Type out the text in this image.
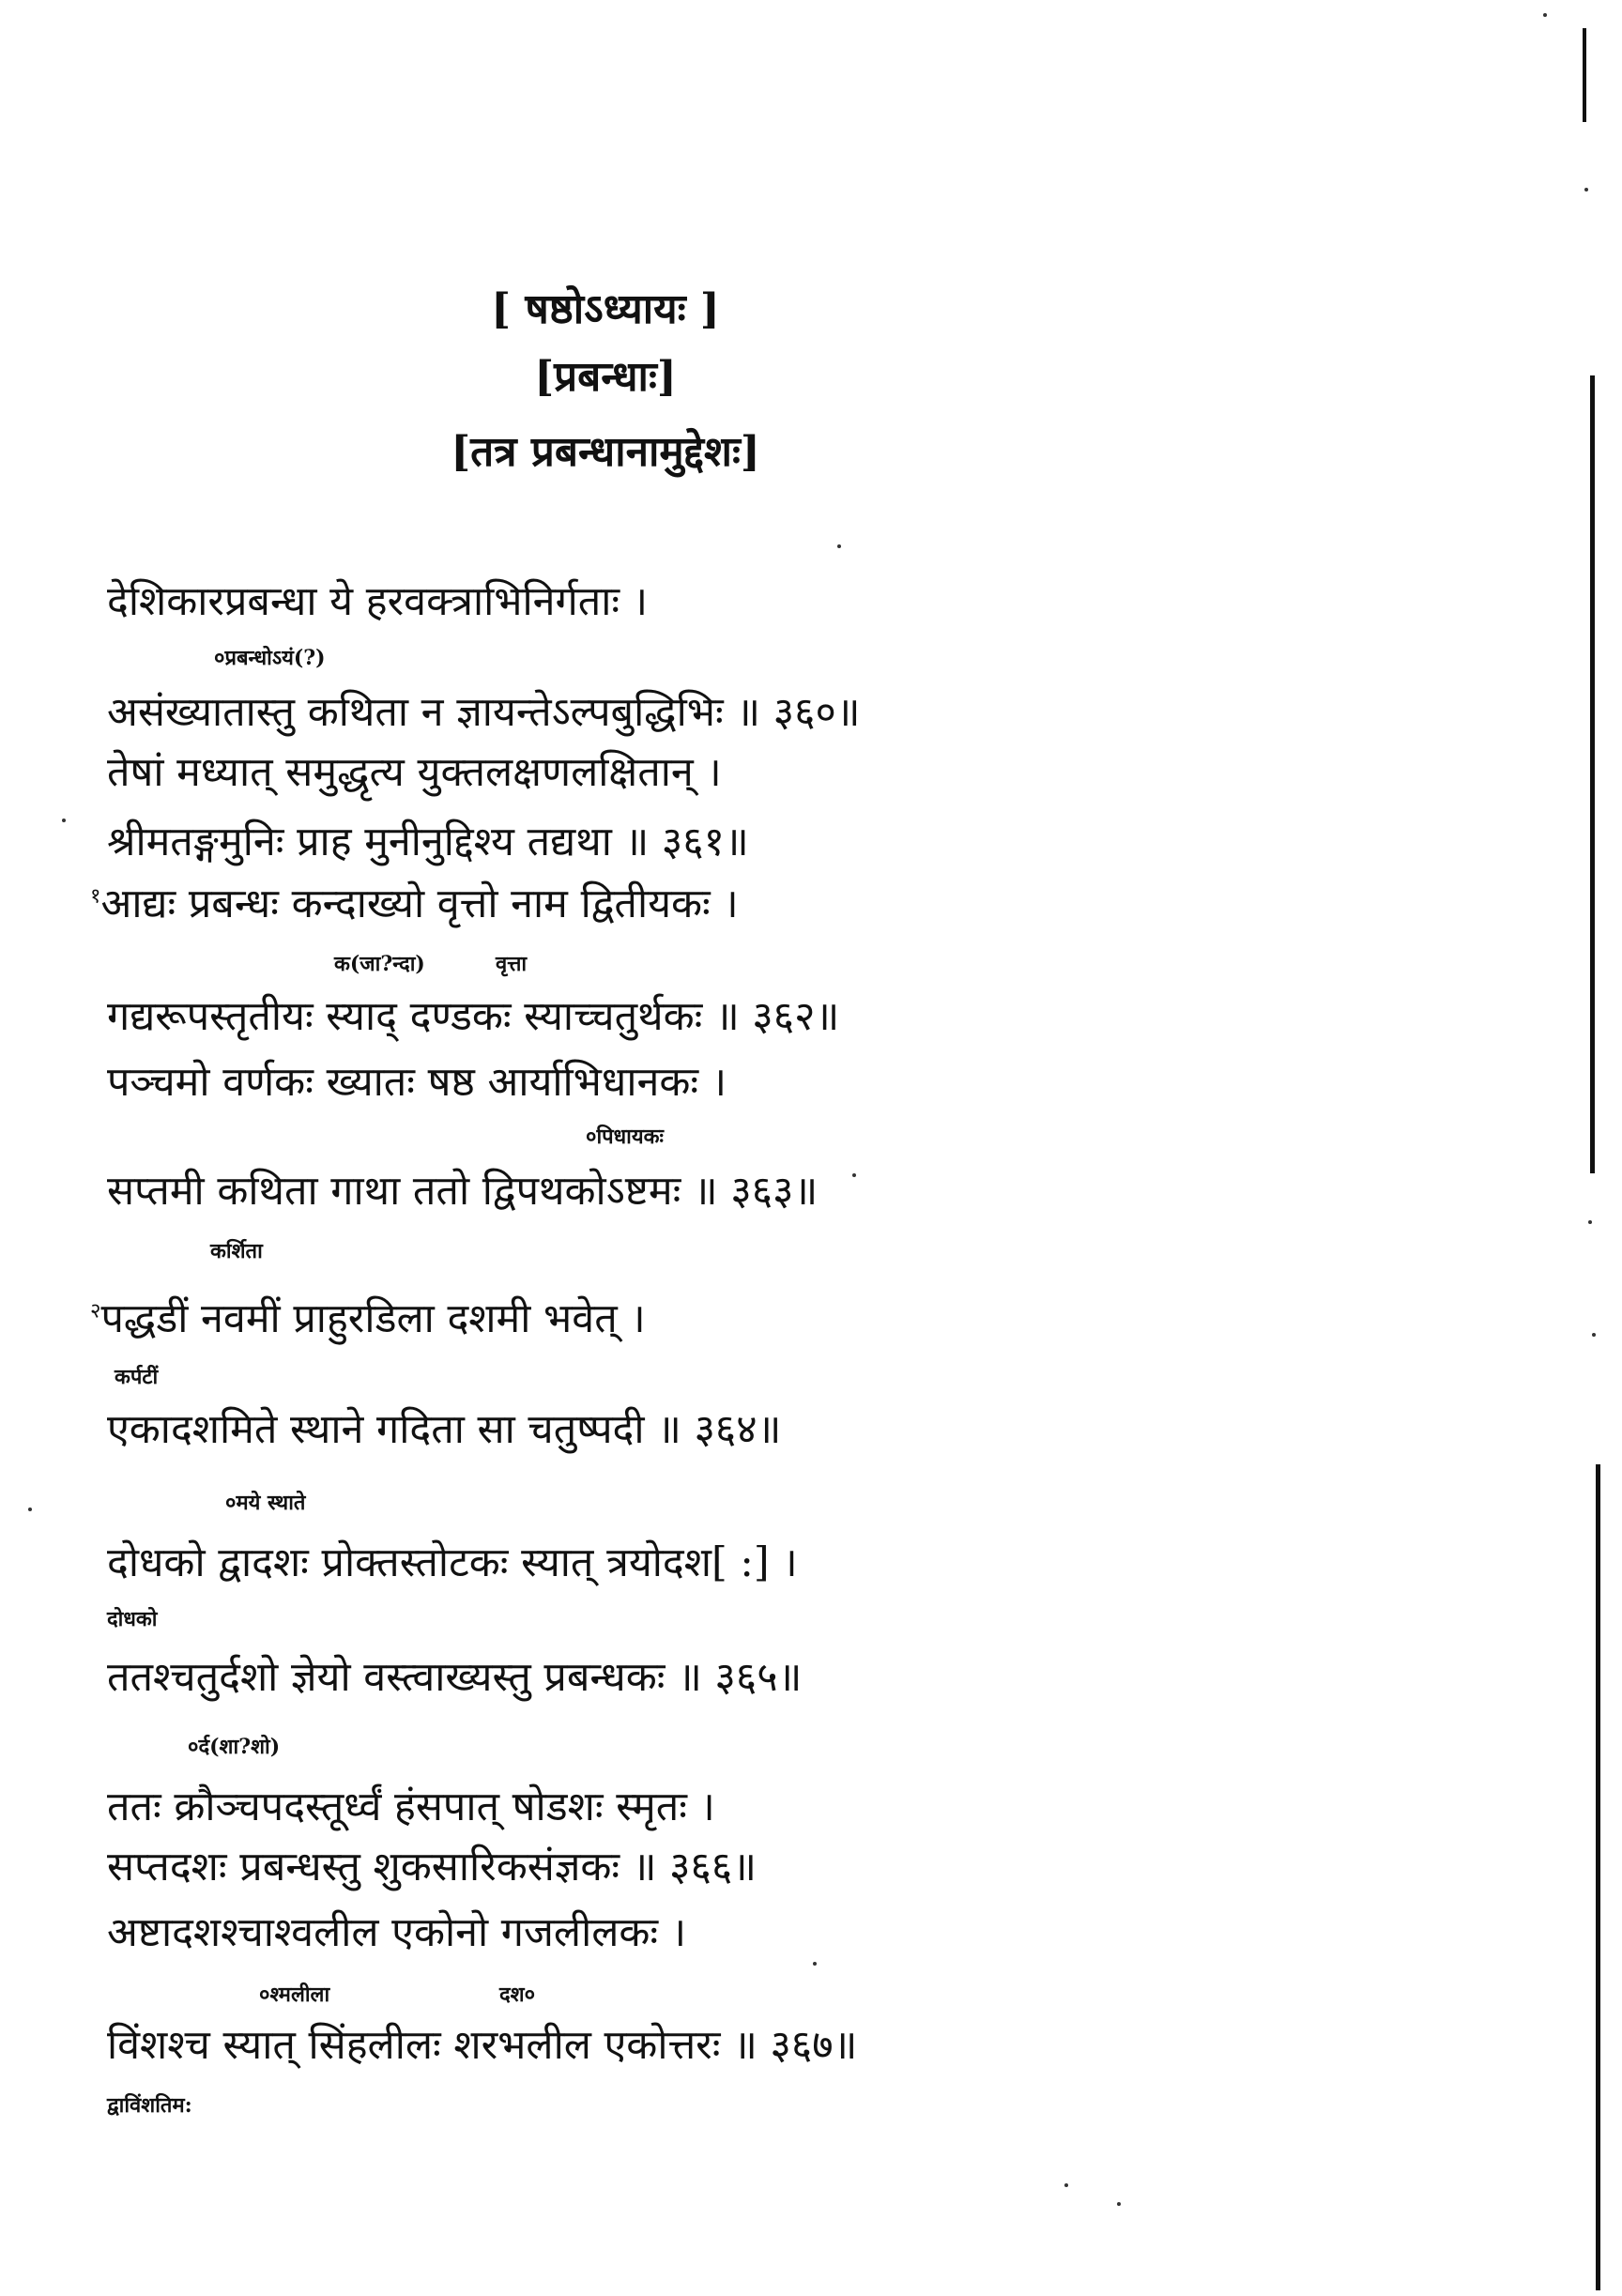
[ षष्ठोऽध्यायः ]
[प्रबन्धाः]
[तत्र प्रबन्धानामुद्देशः]
देशिकारप्रबन्धा ये हरवक्त्राभिनिर्गताः ।
०प्रबन्धोऽयं(?)
असंख्यातास्तु कथिता न ज्ञायन्तेऽल्पबुद्धिभिः ॥ ३६०॥
तेषां मध्यात् समुद्धृत्य युक्तलक्षणलक्षितान् ।
श्रीमतङ्गमुनिः प्राह मुनीनुद्दिश्य तद्यथा ॥ ३६१॥
$^१$आद्यः प्रबन्धः कन्दाख्यो वृत्तो नाम द्वितीयकः ।
क(जा?न्दा)	वृत्ता
गद्यरूपस्तृतीयः स्याद् दण्डकः स्याच्चतुर्थकः ॥ ३६२॥
पञ्चमो वर्णकः ख्यातः षष्ठ आर्याभिधानकः ।
०पिधायकः
सप्तमी कथिता गाथा ततो द्विपथकोऽष्टमः ॥ ३६३॥
कर्शिता
$^२$पद्धडीं नवमीं प्राहुरडिला दशमी भवेत् ।
कर्पटीं
एकादशमिते स्थाने गदिता सा चतुष्पदी ॥ ३६४॥
०मये स्थाते
दोधको द्वादशः प्रोक्तस्तोटकः स्यात् त्रयोदश[ :] ।
दोधको
ततश्चतुर्दशो ज्ञेयो वस्त्वाख्यस्तु प्रबन्धकः ॥ ३६५॥
०र्द(शा?शो)
ततः क्रौञ्चपदस्तूर्ध्वं हंसपात् षोडशः स्मृतः ।
सप्तदशः प्रबन्धस्तु शुकसारिकसंज्ञकः ॥ ३६६॥
अष्टादशश्चाश्वलील एकोनो गजलीलकः ।
०श्मलीला	दश०
विंशश्च स्यात् सिंहलीलः शरभलील एकोत्तरः ॥ ३६७॥
द्वाविंशतिम:
